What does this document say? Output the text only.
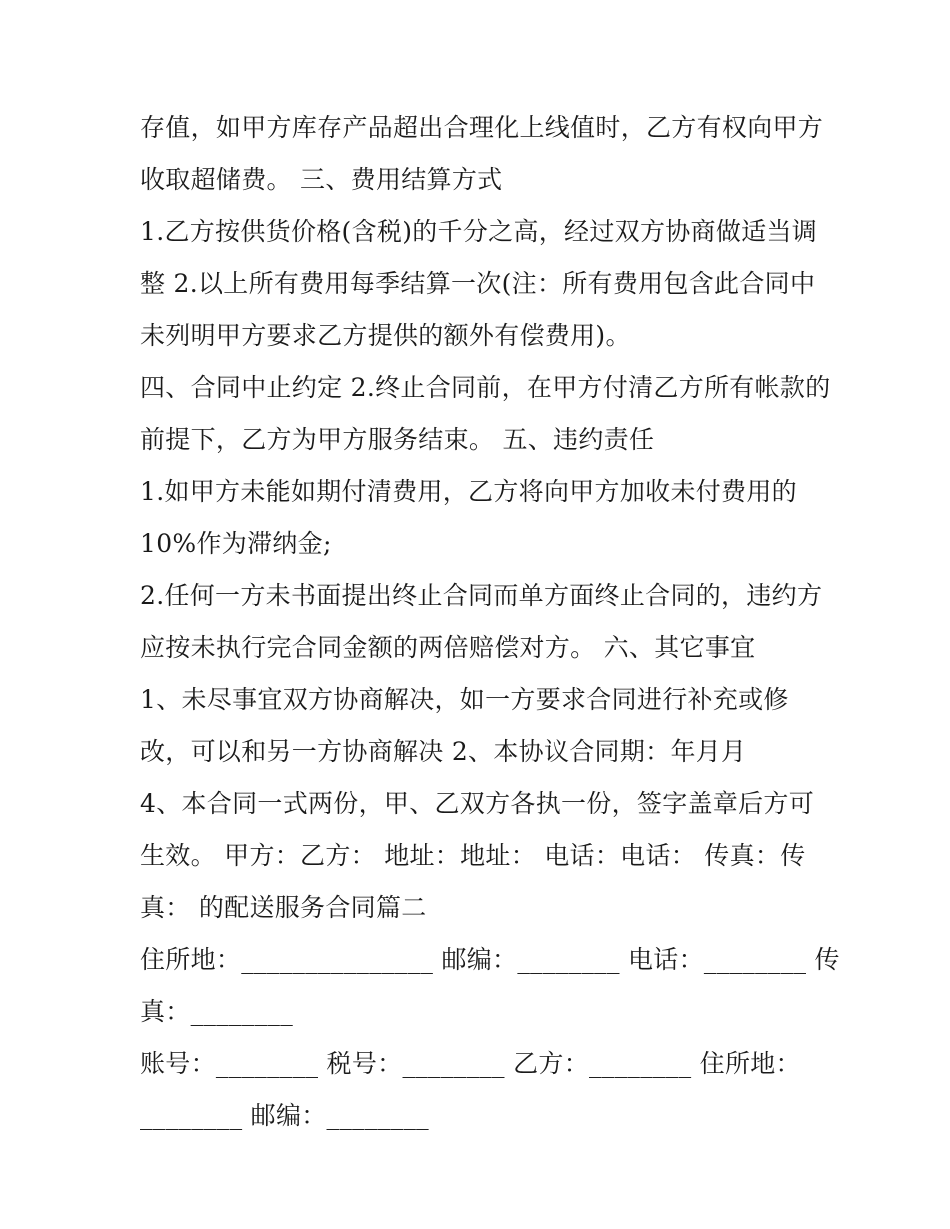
存值，如甲方库存产品超出合理化上线值时，乙方有权向甲方
收取超储费。 三、费用结算方式
1.乙方按供货价格(含税)的千分之高，经过双方协商做适当调
整 2.以上所有费用每季结算一次(注：所有费用包含此合同中
未列明甲方要求乙方提供的额外有偿费用)。
四、合同中止约定 2.终止合同前，在甲方付清乙方所有帐款的
前提下，乙方为甲方服务结束。 五、违约责任
1.如甲方未能如期付清费用，乙方将向甲方加收未付费用的
10%作为滞纳金;
2.任何一方未书面提出终止合同而单方面终止合同的，违约方
应按未执行完合同金额的两倍赔偿对方。 六、其它事宜
1、未尽事宜双方协商解决，如一方要求合同进行补充或修
改，可以和另一方协商解决 2、本协议合同期：年月月
4、本合同一式两份，甲、乙双方各执一份，签字盖章后方可
生效。 甲方：乙方： 地址：地址： 电话：电话： 传真：传
真： 的配送服务合同篇二
住所地：_______________ 邮编：________ 电话：________ 传
真：________
账号：________ 税号：________ 乙方：________ 住所地：
________ 邮编：________
